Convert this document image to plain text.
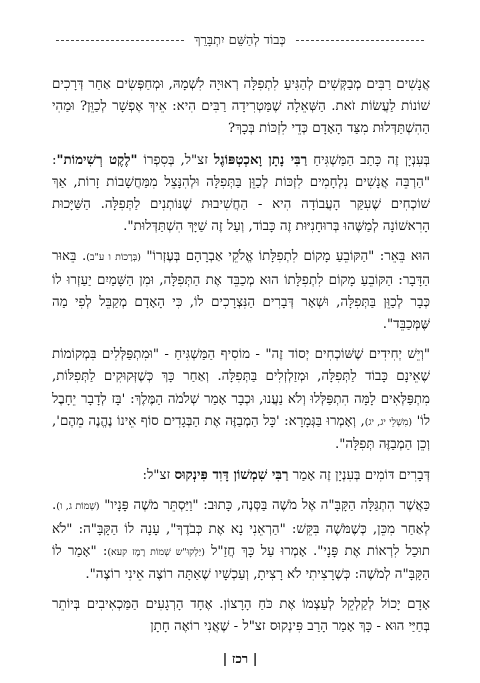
כְּבוֹד לְהַשֵּׁם יִתְבָּרֵךְ

אֲנָשִׁים רַבִּים מְבַקְּשִׁים לְהַגִּיעַ לִתְפִלָּה רְאוּיָה לִשְׁמָהּ, וּמְחַפְּשִׂים אַחַר דְּרָכִים שׁוֹנוֹת לַעֲשׂוֹת זֹאת. הַשְּׁאֵלָה שֶׁמַּטְרִידָה רַבִּים הִיא: אֵיךְ אֶפְשָׁר לְכַוֵּן? וּמַהִי הַהִשְׁתַּדְּלוּת מִצַּד הָאָדָם כְּדֵי לִזְכּוֹת בְּכָךְ?

בְּעִנְיָן זֶה כָּתַב הַמַּשְׁגִּיחַ רַבִּי נָתָן וָאכְטְפּוֹגֶל זצ"ל, בְּסִפְרוֹ "לֶקֶט רְשִׁימוֹת": "הַרְבֵּה אֲנָשִׁים נִלְחָמִים לִזְכּוֹת לְכַוֵּן בַּתְּפִלָּה וּלְהִנָּצֵל מִמַּחֲשָׁבוֹת זָרוֹת, אַךְ שׁוֹכְחִים שֶׁעִקַּר הָעֲבוֹדָה הִיא - הַחֲשִׁיבוּת שֶׁנּוֹתְנִים לַתְּפִלָּה. הַשַּׁיָּכוּת הָרִאשׁוֹנָה לְמַשֶּׁהוּ בְּרוּחָנִיּוּת זֶה כָּבוֹד, וְעַל זֶה שַׁיָּךְ הִשְׁתַּדְּלוּת".

הוּא בֵּאֵר: "הַקּוֹבֵעַ מָקוֹם לִתְפִלָּתוֹ אֱלֹקֵי אַבְרָהָם בְּעֶזְרוֹ" (בְּרָכוֹת ו ע"ב). בֵּאוּר הַדָּבָר: הַקּוֹבֵעַ מָקוֹם לִתְפִלָּתוֹ הוּא מְכַבֵּד אֶת הַתְּפִלָּה, וּמִן הַשָּׁמַיִם יַעַזְרוּ לוֹ כְּבָר לְכַוֵּן בַּתְּפִלָּה, וּשְׁאָר דְּבָרִים הַנִּצְרָכִים לוֹ, כִּי הָאָדָם מְקַבֵּל לְפִי מַה שֶּׁמְּכַבֵּד".

"וְיֵשׁ יְחִידִים שֶׁשּׁוֹכְחִים יְסוֹד זֶה" - מוֹסִיף הַמַּשְׁגִּיחַ - "וּמִתְפַּלְּלִים בִּמְקוֹמוֹת שֶׁאֵינָם כָּבוֹד לַתְּפִלָּה, וּמְזַלְזְלִים בַּתְּפִלָּה. וְאַחַר כָּךְ כְּשֶׁזְּקוּקִים לַתְּפִלּוֹת, מִתְפַּלְּאִים לָמָּה הִתְפַּלְּלוּ וְלֹא נַעֲנוּ, וּכְבָר אָמַר שְׁלֹמֹה הַמֶּלֶךְ: 'בָּז לְדָבָר יֵחָבֶל לוֹ' (מִשְׁלֵי יג, יג), וְאָמְרוּ בַּגְּמָרָא: 'כָּל הַמְבַזֶּה אֶת הַבְּגָדִים סוֹף אֵינוֹ נֶהֱנֶה מֵהֶם', וְכֵן הַמְבַזֶּה תְּפִלָּה".

דְּבָרִים דּוֹמִים בְּעִנְיָן זֶה אָמַר רַבִּי שִׁמְשׁוֹן דָּוִד פִּינְקוּס זצ"ל:

כַּאֲשֶׁר הִתְגַּלָּה הַקָּבָּ"ה אֶל מֹשֶׁה בַּסְּנֶה, כָּתוּב: "וַיַּסְתֵּר מֹשֶׁה פָּנָיו" (שְׁמוֹת ג, ו). לְאַחַר מִכֵּן, כְּשֶׁמֹּשֶׁה בִּקֵּשׁ: "הַרְאֵנִי נָא אֶת כְּבֹדֶךָ", עָנָה לוֹ הַקָּבָּ"ה: "לֹא תוּכַל לִרְאוֹת אֶת פָּנָי". אָמְרוּ עַל כָּךְ חֲזַ"ל (יַלְקוּ"ש שְׁמוֹת רֶמֶז קעא): "אָמַר לוֹ הַקָּבָּ"ה לְמֹשֶׁה: כְּשֶׁרָצִיתִי לֹא רָצִיתָ, וְעַכְשָׁיו שֶׁאַתָּה רוֹצֶה אֵינִי רוֹצֶה".

אָדָם יָכוֹל לְקַלְקֵל לְעַצְמוֹ אֶת כֹּחַ הָרָצוֹן. אֶחָד הָרְגָעִים הַמַּכְאִיבִים בְּיוֹתֵר בְּחַיַּי הוּא - כָּךְ אָמַר הָרַב פִּינְקוּס זצ"ל - שֶׁאֲנִי רוֹאֶה חָתָן

| רכז |
